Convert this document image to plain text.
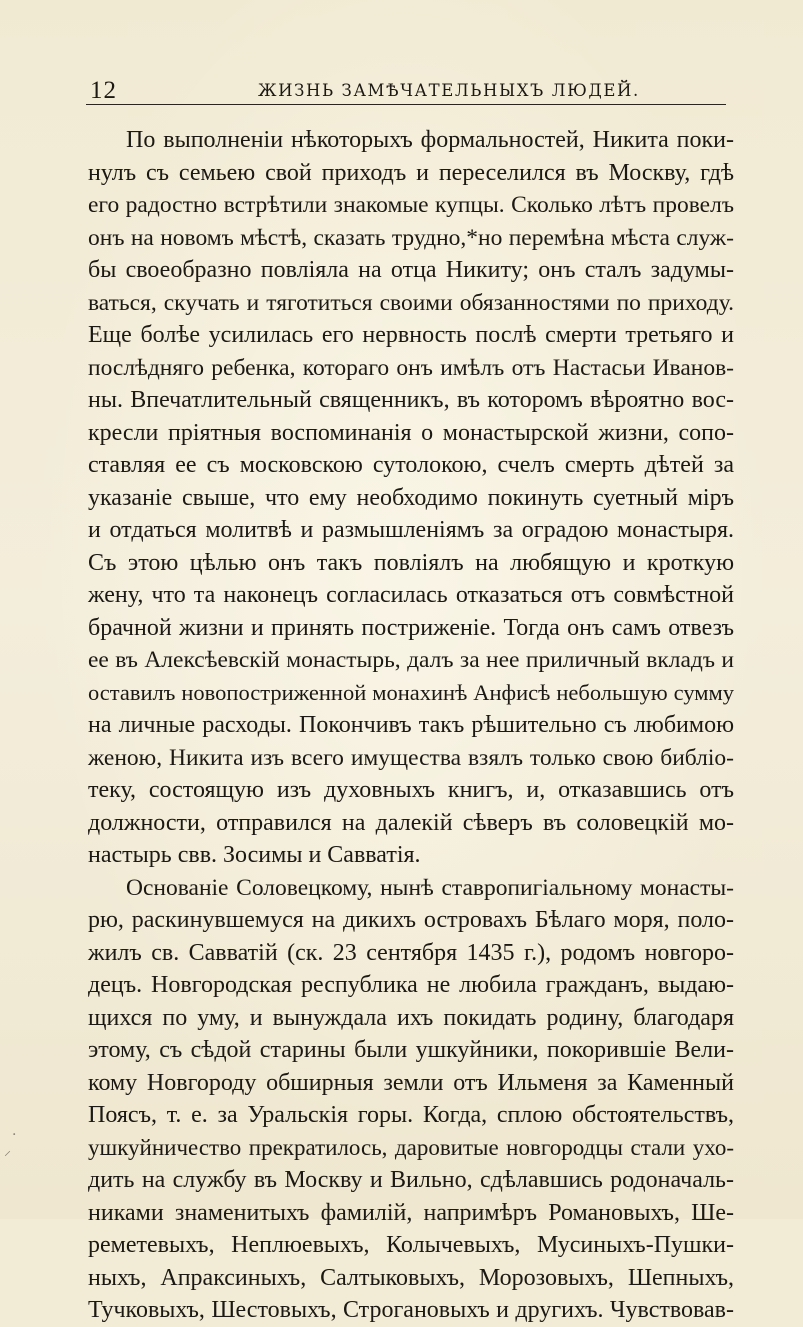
12	ЖИЗНЬ ЗАМѢЧАТЕЛЬНЫХЪ ЛЮДЕЙ.
По выполненіи нѣкоторыхъ формальностей, Никита поки-
нулъ съ семьею свой приходъ и переселился въ Москву, гдѣ
его радостно встрѣтили знакомые купцы. Сколько лѣтъ провелъ
онъ на новомъ мѣстѣ, сказать трудно,*но перемѣна мѣста служ-
бы своеобразно повліяла на отца Никиту; онъ сталъ задумы-
ваться, скучать и тяготиться своими обязанностями по приходу.
Еще болѣе усилилась его нервность послѣ смерти третьяго и
послѣдняго ребенка, котораго онъ имѣлъ отъ Настасьи Иванов-
ны. Впечатлительный священникъ, въ которомъ вѣроятно вос-
кресли пріятныя воспоминанія о монастырской жизни, сопо-
ставляя ее съ московскою сутолокою, счелъ смерть дѣтей за
указаніе свыше, что ему необходимо покинуть суетный міръ
и отдаться молитвѣ и размышленіямъ за оградою монастыря.
Съ этою цѣлью онъ такъ повліялъ на любящую и кроткую
жену, что та наконецъ согласилась отказаться отъ совмѣстной
брачной жизни и принять постриженіе. Тогда онъ самъ отвезъ
ее въ Алексѣевскій монастырь, далъ за нее приличный вкладъ и
оставилъ новопостриженной монахинѣ Анфисѣ небольшую сумму
на личные расходы. Покончивъ такъ рѣшительно съ любимою
женою, Никита изъ всего имущества взялъ только свою библіо-
теку, состоящую изъ духовныхъ книгъ, и, отказавшись отъ
должности, отправился на далекій сѣверъ въ соловецкій мо-
настырь свв. Зосимы и Савватія.
Основаніе Соловецкому, нынѣ ставропигіальному монасты-
рю, раскинувшемуся на дикихъ островахъ Бѣлаго моря, поло-
жилъ св. Савватій (ск. 23 сентября 1435 г.), родомъ новгоро-
децъ. Новгородская республика не любила гражданъ, выдаю-
щихся по уму, и вынуждала ихъ покидать родину, благодаря
этому, съ сѣдой старины были ушкуйники, покорившіе Вели-
кому Новгороду обширныя земли отъ Ильменя за Каменный
Поясъ, т. е. за Уральскія горы. Когда, сплою обстоятельствъ,
ушкуйничество прекратилось, даровитые новгородцы стали ухо-
дить на службу въ Москву и Вильно, сдѣлавшись родоначаль-
никами знаменитыхъ фамилій, напримѣръ Романовыхъ, Ше-
реметевыхъ, Неплюевыхъ, Колычевыхъ, Мусиныхъ-Пушки-
ныхъ, Апраксиныхъ, Салтыковыхъ, Морозовыхъ, Шепныхъ,
Тучковыхъ, Шестовыхъ, Строгановыхъ и другихъ. Чувствовав-
⸝
·
